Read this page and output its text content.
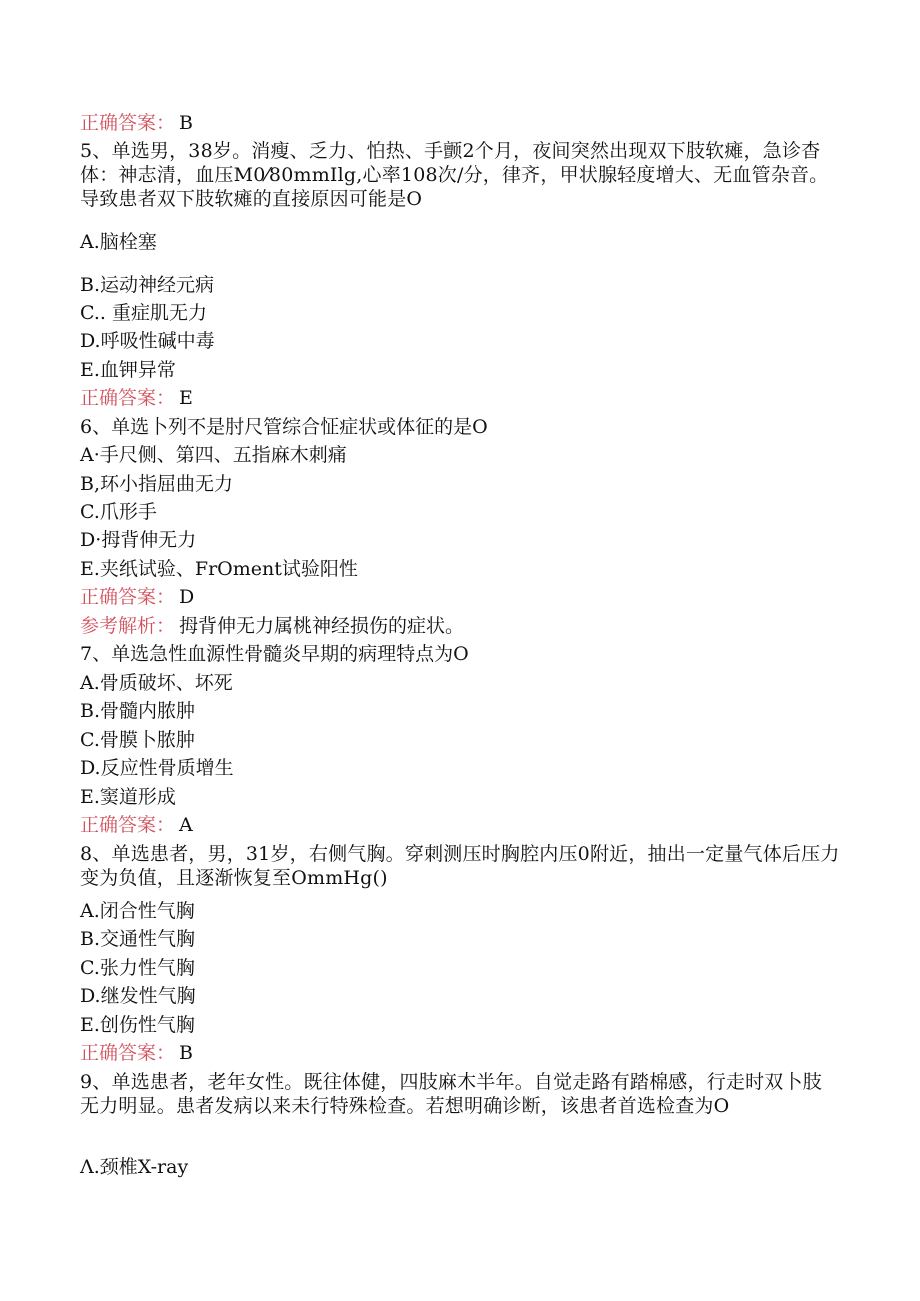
正确答案： B
5、单选男，38岁。消瘦、乏力、怕热、手颤2个月，夜间突然出现双下肢软瘫，急诊杳体：神志清，血压M0⁄80mmIlg,心率108次/分，律齐，甲状腺轻度增大、无血管杂音。导致患者双下肢软瘫的直接原因可能是O
A.脑栓塞
B.运动神经元病
C.. 重症肌无力
D.呼吸性碱中毒
E.血钾异常
正确答案： E
6、单选卜列不是肘尺管综合怔症状或体征的是O
A·手尺侧、第四、五指麻木刺痛
B,环小指屈曲无力
C.爪形手
D·拇背伸无力
E.夹纸试验、FrOment试验阳性
正确答案： D
参考解析： 拇背伸无力属桃神经损伤的症状。
7、单选急性血源性骨髓炎早期的病理特点为O
A.骨质破坏、坏死
B.骨髓内脓肿
C.骨膜卜脓肿
D.反应性骨质增生
E.窦道形成
正确答案： A
8、单选患者，男，31岁，右侧气胸。穿刺测压时胸腔内压0附近，抽出一定量气体后压力变为负值，且逐渐恢复至OmmHg()
A.闭合性气胸
B.交通性气胸
C.张力性气胸
D.继发性气胸
E.创伤性气胸
正确答案： B
9、单选患者，老年女性。既往体健，四肢麻木半年。自觉走路有踏棉感，行走时双卜肢无力明显。患者发病以来未行特殊检查。若想明确诊断，该患者首选检查为O
Λ.颈椎X-ray
